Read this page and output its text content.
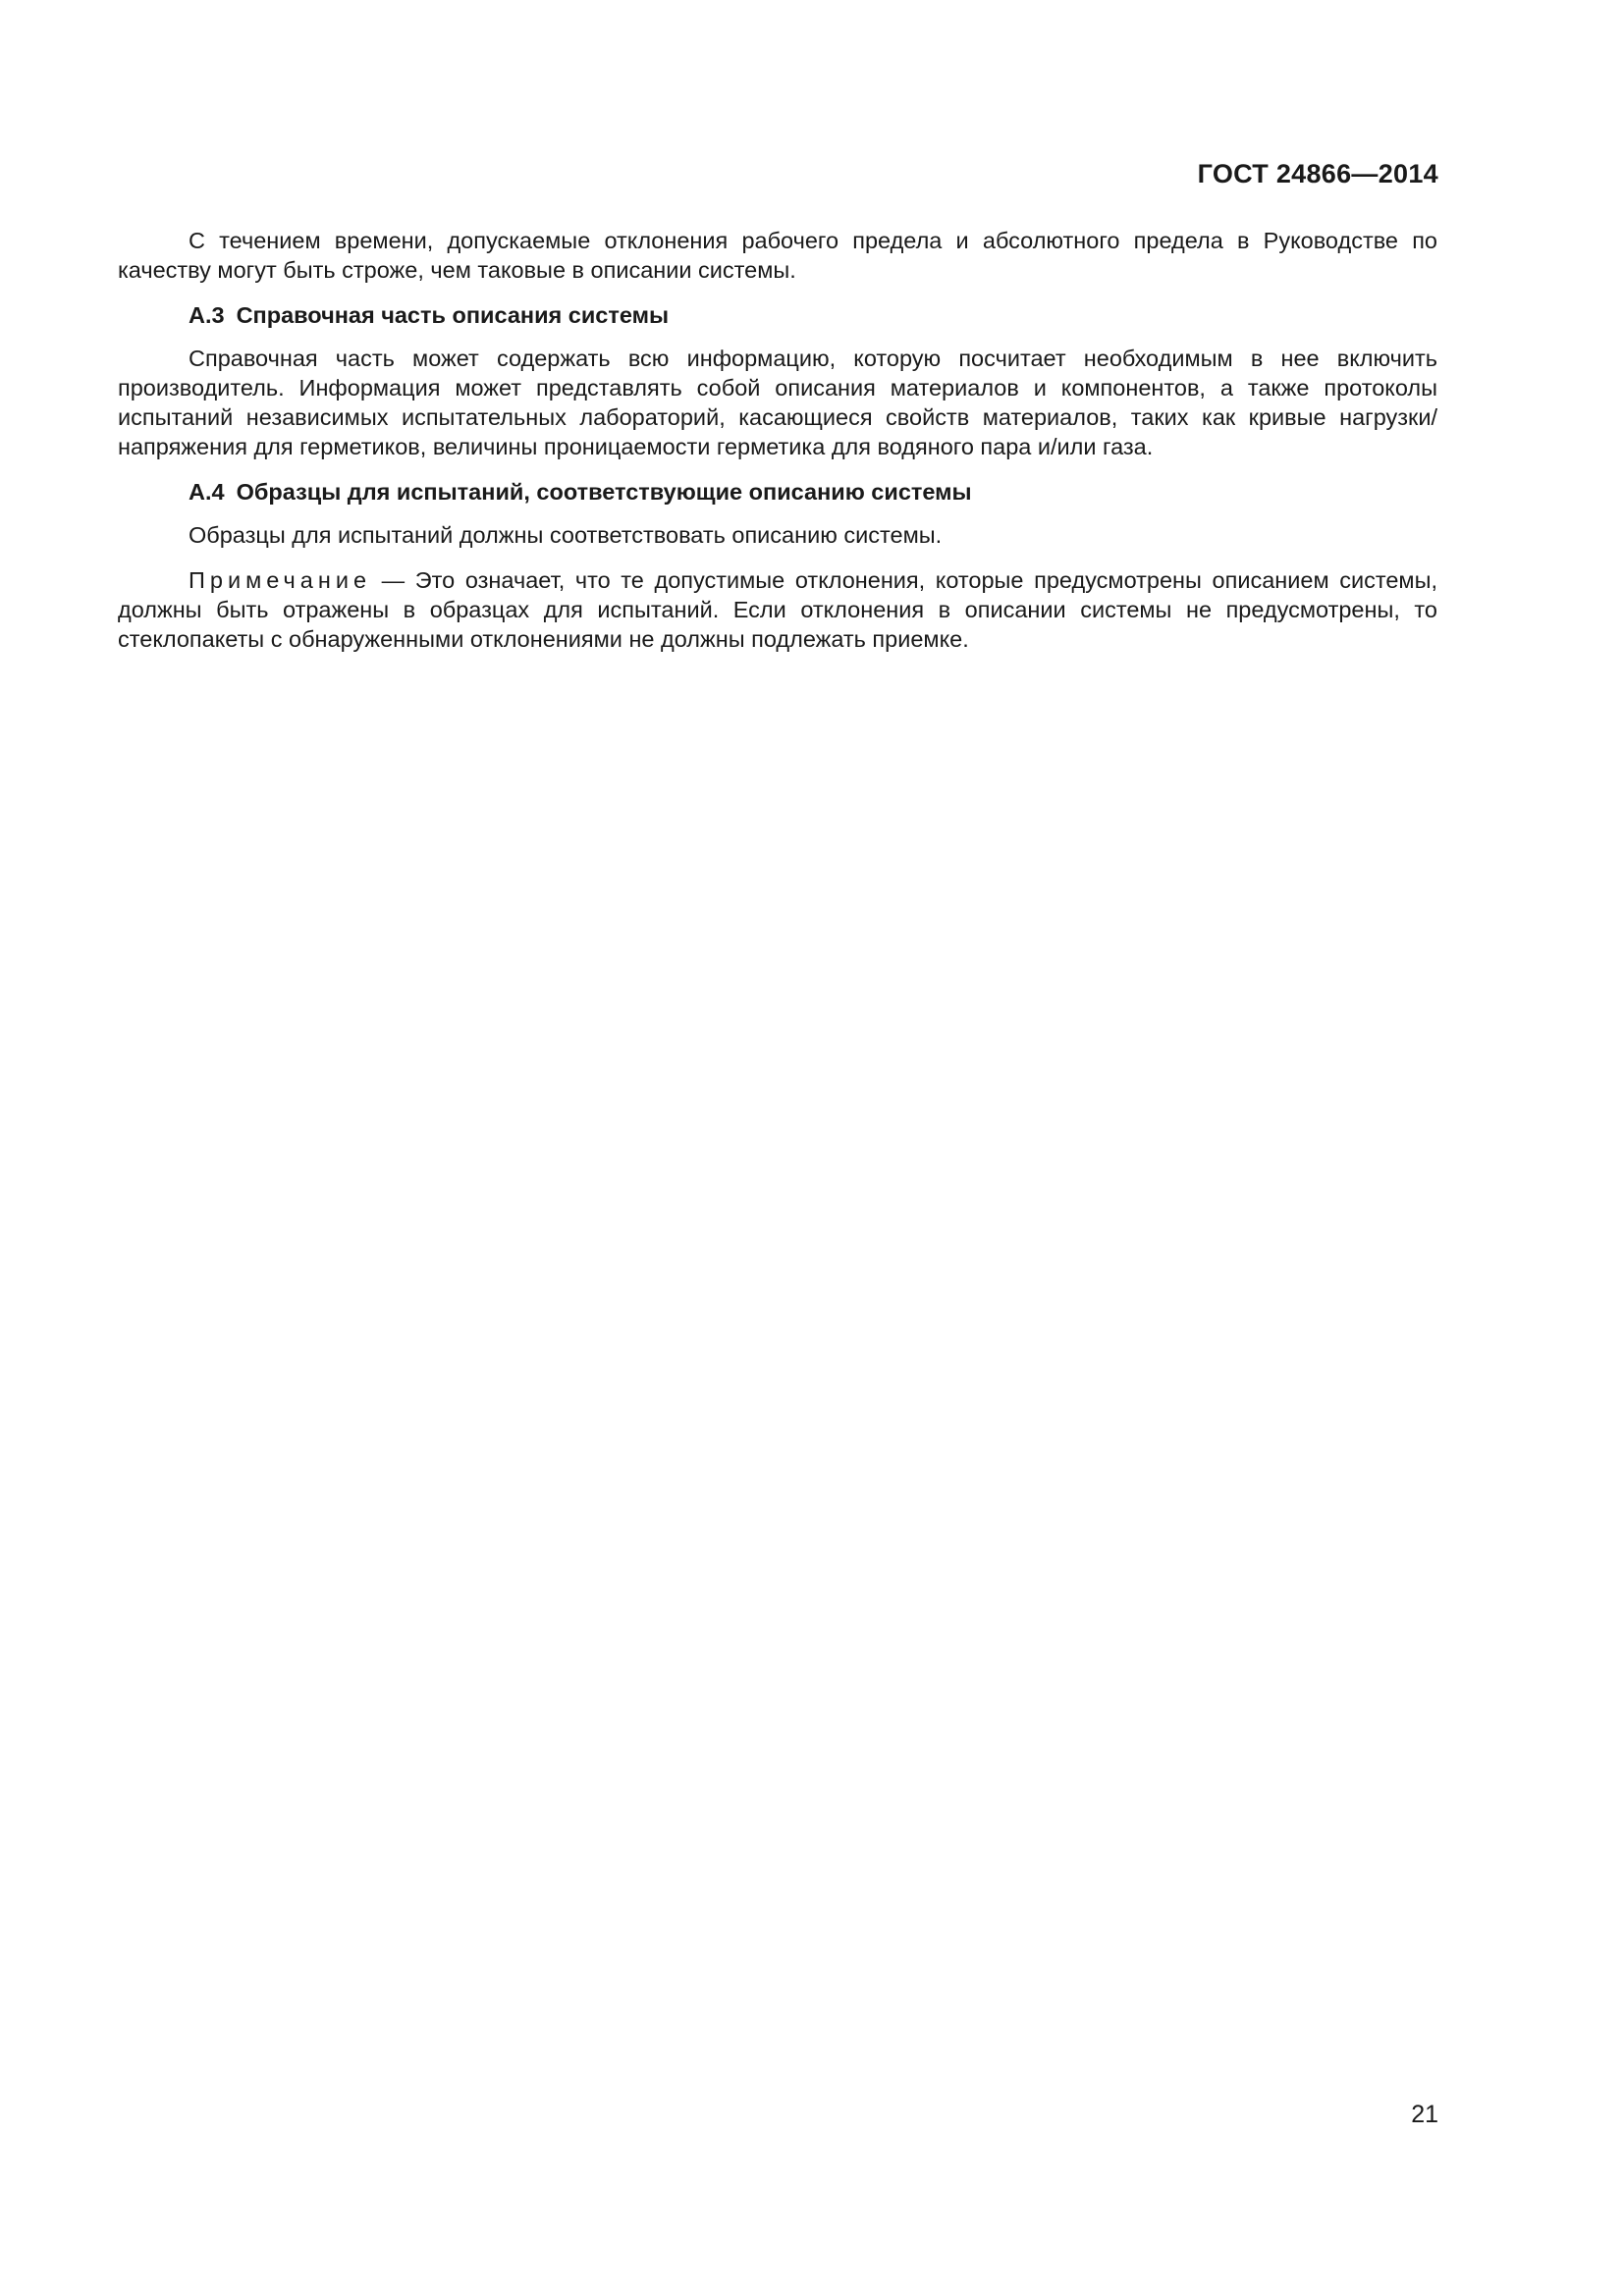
ГОСТ 24866—2014

С течением времени, допускаемые отклонения рабочего предела и абсолютного предела в Руководстве по качеству могут быть строже, чем таковые в описании системы.

А.3 Справочная часть описания системы

Справочная часть может содержать всю информацию, которую посчитает необходимым в нее включить производитель. Информация может представлять собой описания материалов и компонентов, а также протоколы испытаний независимых испытательных лабораторий, касающиеся свойств материалов, таких как кривые нагрузки/напряжения для герметиков, величины проницаемости герметика для водяного пара и/или газа.

А.4 Образцы для испытаний, соответствующие описанию системы

Образцы для испытаний должны соответствовать описанию системы.

Примечание — Это означает, что те допустимые отклонения, которые предусмотрены описанием системы, должны быть отражены в образцах для испытаний. Если отклонения в описании системы не предусмотрены, то стеклопакеты с обнаруженными отклонениями не должны подлежать приемке.

21
